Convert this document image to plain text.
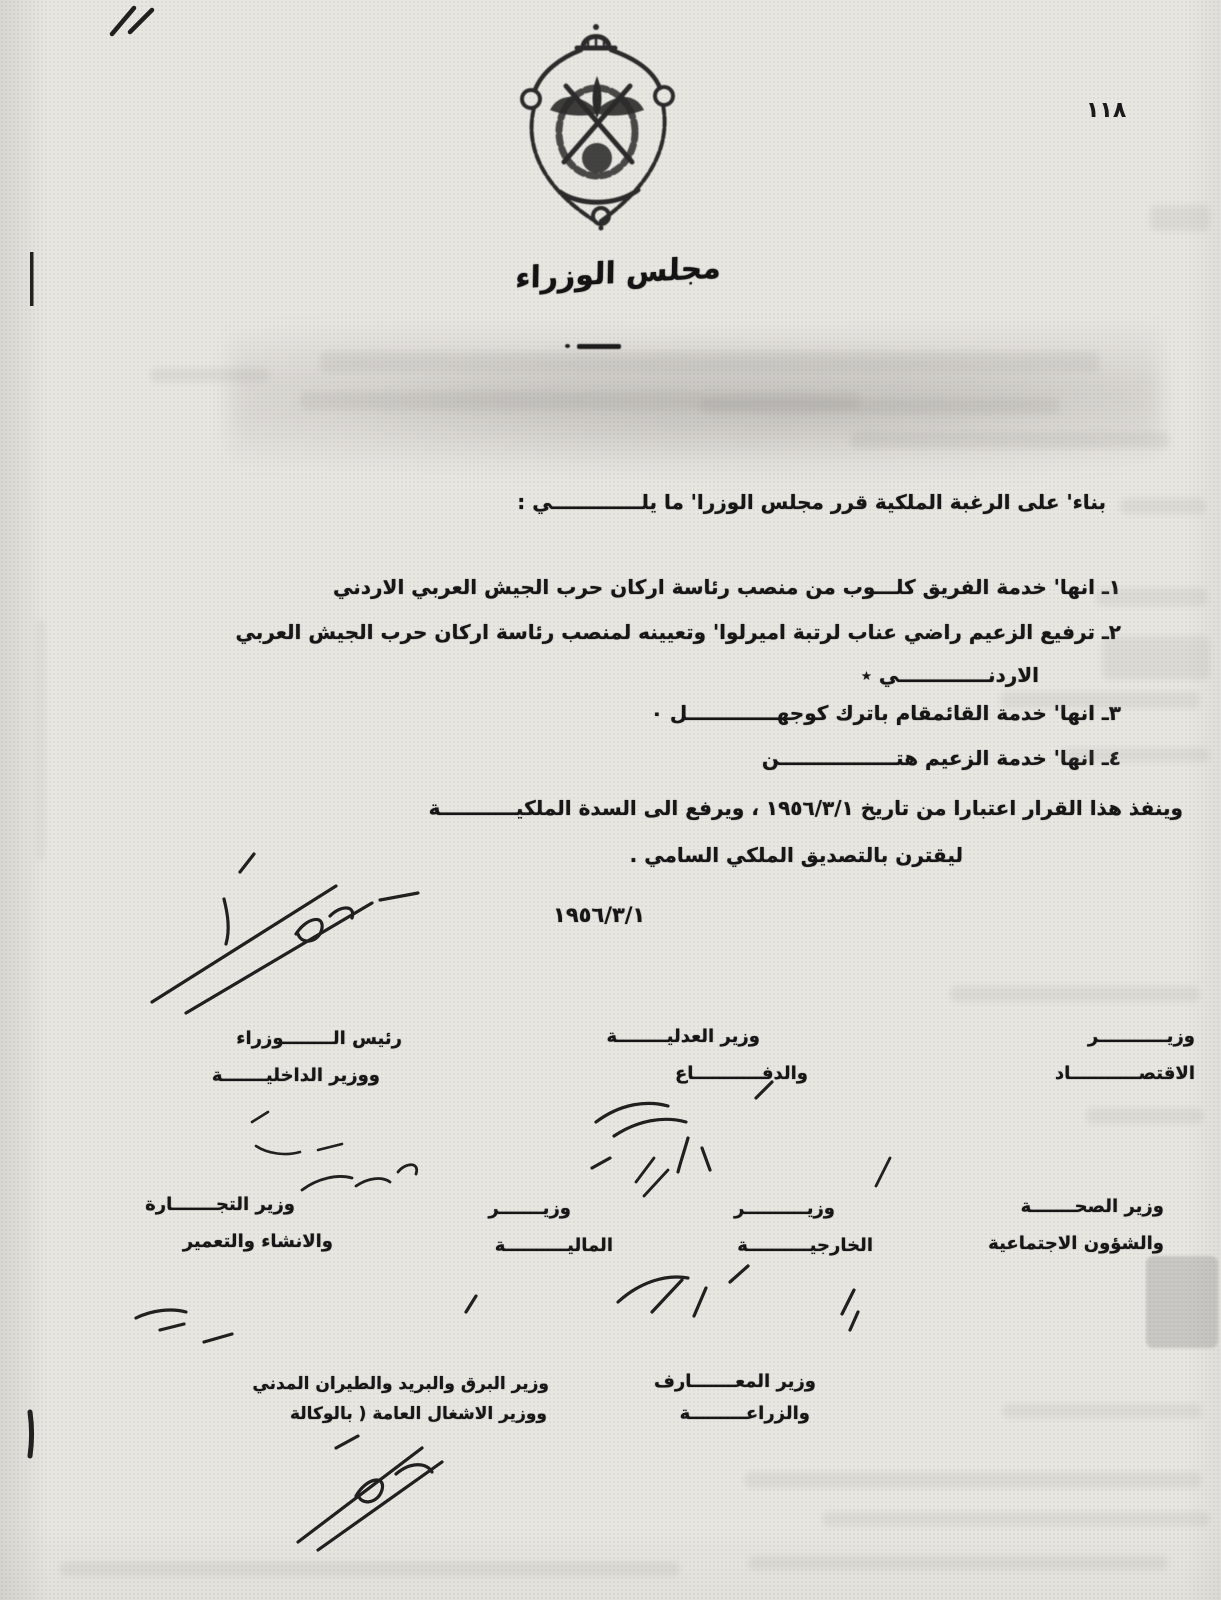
١١٨
مجلس الوزراء
بناء' على الرغبة الملكية قرر مجلس الوزرا' ما يلـــــــــــــي :
١ـ انها' خدمة الفريق كلـــوب من منصب رئاسة اركان حرب الجيش العربي الاردني
٢ـ ترفيع الزعيم راضي عناب لرتبة اميرلوا' وتعيينه لمنصب رئاسة اركان حرب الجيش العربي
الاردنـــــــــــــي ٭
٣ـ انها' خدمة القائمقام باترك كوجهـــــــــــــل ٠
٤ـ انها' خدمة الزعيم هتـــــــــــــــــن
وينفذ هذا القرار اعتبارا من تاريخ ١٩٥٦/٣/١ ، ويرفع الى السدة الملكيـــــــــــة
ليقترن بالتصديق الملكي السامي .
١٩٥٦/٣/١
وزيـــــــــــر
الاقتصـــــــــــاد
وزير العدليــــــــة
والدفـــــــــــاع
رئيس الــــــــوزراء
ووزير الداخليـــــــة
وزير الصحـــــــة
والشؤون الاجتماعية
وزيــــــــــر
الخارجيــــــــــة
وزيـــــــر
الماليــــــــــة
وزير التجـــــــارة
والانشاء والتعمير
وزير المعـــــــارف
والزراعـــــــــة
وزير البرق والبريد والطيران المدني
ووزير الاشغال العامة ( بالوكالة
